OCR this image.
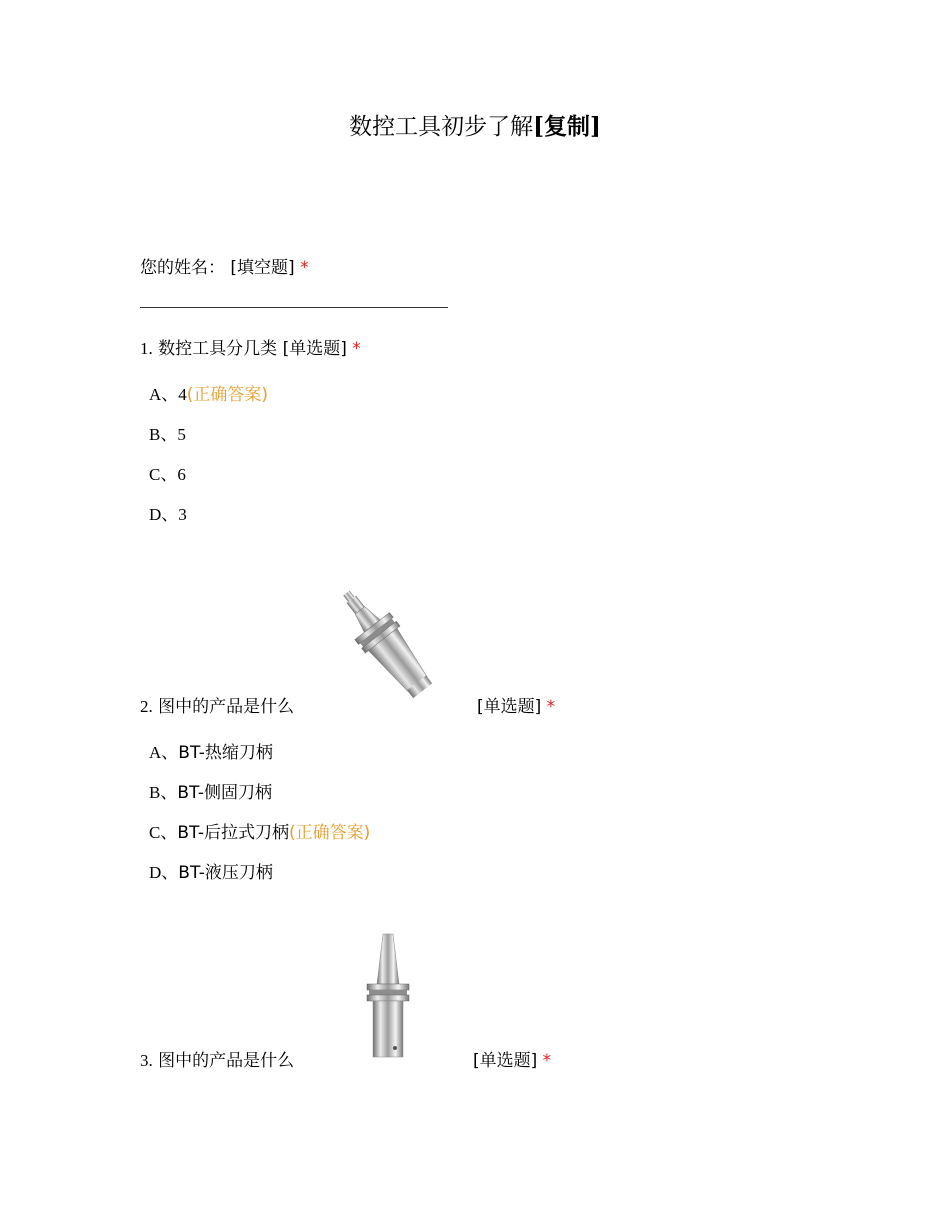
数控工具初步了解[复制]
您的姓名： [填空题] *
1. 数控工具分几类 [单选题] *
A、4(正确答案)
B、5
C、6
D、3
2. 图中的产品是什么	[单选题] *
A、BT-热缩刀柄
B、BT-侧固刀柄
C、BT-后拉式刀柄(正确答案)
D、BT-液压刀柄
3. 图中的产品是什么	[单选题] *
